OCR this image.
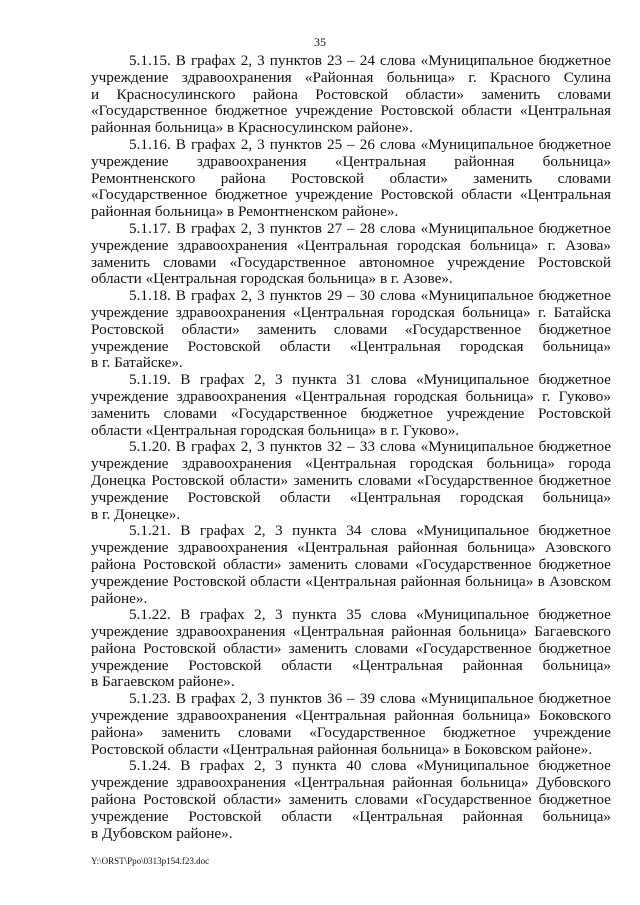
35
5.1.15. В графах 2, 3 пунктов 23 – 24 слова «Муниципальное бюджетное
учреждение здравоохранения «Районная больница» г. Красного Сулина
и Красносулинского района Ростовской области» заменить словами
«Государственное бюджетное учреждение Ростовской области «Центральная
районная больница» в Красносулинском районе».
5.1.16. В графах 2, 3 пунктов 25 – 26 слова «Муниципальное бюджетное
учреждение здравоохранения «Центральная районная больница»
Ремонтненского района Ростовской области» заменить словами
«Государственное бюджетное учреждение Ростовской области «Центральная
районная больница» в Ремонтненском районе».
5.1.17. В графах 2, 3 пунктов 27 – 28 слова «Муниципальное бюджетное
учреждение здравоохранения «Центральная городская больница» г. Азова»
заменить словами «Государственное автономное учреждение Ростовской
области «Центральная городская больница» в г. Азове».
5.1.18. В графах 2, 3 пунктов 29 – 30 слова «Муниципальное бюджетное
учреждение здравоохранения «Центральная городская больница» г. Батайска
Ростовской области» заменить словами «Государственное бюджетное
учреждение Ростовской области «Центральная городская больница»
в г. Батайске».
5.1.19. В графах 2, 3 пункта 31 слова «Муниципальное бюджетное
учреждение здравоохранения «Центральная городская больница» г. Гуково»
заменить словами «Государственное бюджетное учреждение Ростовской
области «Центральная городская больница» в г. Гуково».
5.1.20. В графах 2, 3 пунктов 32 – 33 слова «Муниципальное бюджетное
учреждение здравоохранения «Центральная городская больница» города
Донецка Ростовской области» заменить словами «Государственное бюджетное
учреждение Ростовской области «Центральная городская больница»
в г. Донецке».
5.1.21. В графах 2, 3 пункта 34 слова «Муниципальное бюджетное
учреждение здравоохранения «Центральная районная больница» Азовского
района Ростовской области» заменить словами «Государственное бюджетное
учреждение Ростовской области «Центральная районная больница» в Азовском
районе».
5.1.22. В графах 2, 3 пункта 35 слова «Муниципальное бюджетное
учреждение здравоохранения «Центральная районная больница» Багаевского
района Ростовской области» заменить словами «Государственное бюджетное
учреждение Ростовской области «Центральная районная больница»
в Багаевском районе».
5.1.23. В графах 2, 3 пунктов 36 – 39 слова «Муниципальное бюджетное
учреждение здравоохранения «Центральная районная больница» Боковского
района» заменить словами «Государственное бюджетное учреждение
Ростовской области «Центральная районная больница» в Боковском районе».
5.1.24. В графах 2, 3 пункта 40 слова «Муниципальное бюджетное
учреждение здравоохранения «Центральная районная больница» Дубовского
района Ростовской области» заменить словами «Государственное бюджетное
учреждение Ростовской области «Центральная районная больница»
в Дубовском районе».
Y:\ORST\Ppo\0313p154.f23.doc
